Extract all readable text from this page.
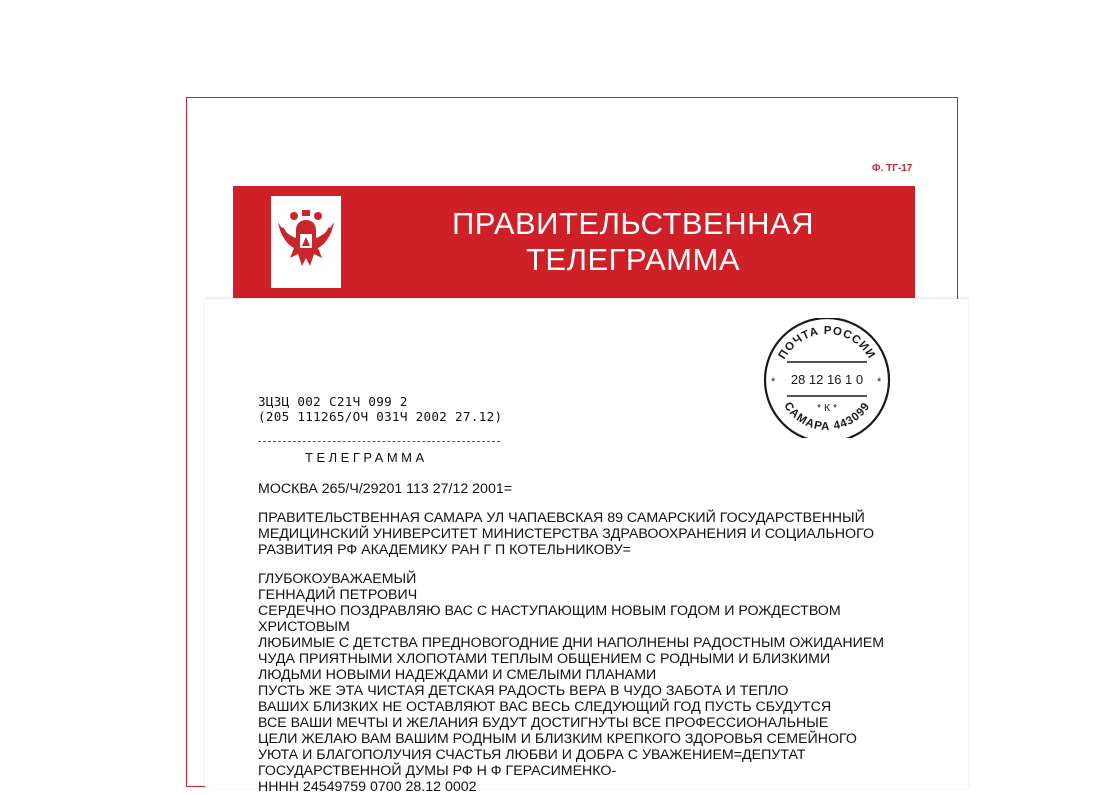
Ф. ТГ-17
ПРАВИТЕЛЬСТВЕННАЯ
ТЕЛЕГРАММА
ЗЦЗЦ 002 С21Ч 099 2
(205 111265/ОЧ 031Ч 2002 27.12)
ТЕЛЕГРАММА
МОСКВА 265/Ч/29201 113 27/12 2001=
ПРАВИТЕЛЬСТВЕННАЯ САМАРА УЛ ЧАПАЕВСКАЯ 89 САМАРСКИЙ ГОСУДАРСТВЕННЫЙ
МЕДИЦИНСКИЙ УНИВЕРСИТЕТ МИНИСТЕРСТВА ЗДРАВООХРАНЕНИЯ И СОЦИАЛЬНОГО
РАЗВИТИЯ РФ АКАДЕМИКУ РАН Г П КОТЕЛЬНИКОВУ=
ГЛУБОКОУВАЖАЕМЫЙ
ГЕННАДИЙ ПЕТРОВИЧ
СЕРДЕЧНО ПОЗДРАВЛЯЮ ВАС С НАСТУПАЮЩИМ НОВЫМ ГОДОМ И РОЖДЕСТВОМ
ХРИСТОВЫМ
ЛЮБИМЫЕ С ДЕТСТВА ПРЕДНОВОГОДНИЕ ДНИ НАПОЛНЕНЫ РАДОСТНЫМ ОЖИДАНИЕМ
ЧУДА ПРИЯТНЫМИ ХЛОПОТАМИ ТЕПЛЫМ ОБЩЕНИЕМ С РОДНЫМИ И БЛИЗКИМИ
ЛЮДЬМИ НОВЫМИ НАДЕЖДАМИ И СМЕЛЫМИ ПЛАНАМИ
ПУСТЬ ЖЕ ЭТА ЧИСТАЯ ДЕТСКАЯ РАДОСТЬ ВЕРА В ЧУДО ЗАБОТА И ТЕПЛО
ВАШИХ БЛИЗКИХ НЕ ОСТАВЛЯЮТ ВАС ВЕСЬ СЛЕДУЮЩИЙ ГОД ПУСТЬ СБУДУТСЯ
ВСЕ ВАШИ МЕЧТЫ И ЖЕЛАНИЯ БУДУТ ДОСТИГНУТЫ ВСЕ ПРОФЕССИОНАЛЬНЫЕ
ЦЕЛИ ЖЕЛАЮ ВАМ ВАШИМ РОДНЫМ И БЛИЗКИМ КРЕПКОГО ЗДОРОВЬЯ СЕМЕЙНОГО
УЮТА И БЛАГОПОЛУЧИЯ СЧАСТЬЯ ЛЮБВИ И ДОБРА С УВАЖЕНИЕМ=ДЕПУТАТ
ГОСУДАРСТВЕННОЙ ДУМЫ РФ Н Ф ГЕРАСИМЕНКО-
НННН 24549759 0700 28.12 0002
ПОЧТА РОССИИ
*	*
28 12 16 1 0
* К *
САМАРА 443099
